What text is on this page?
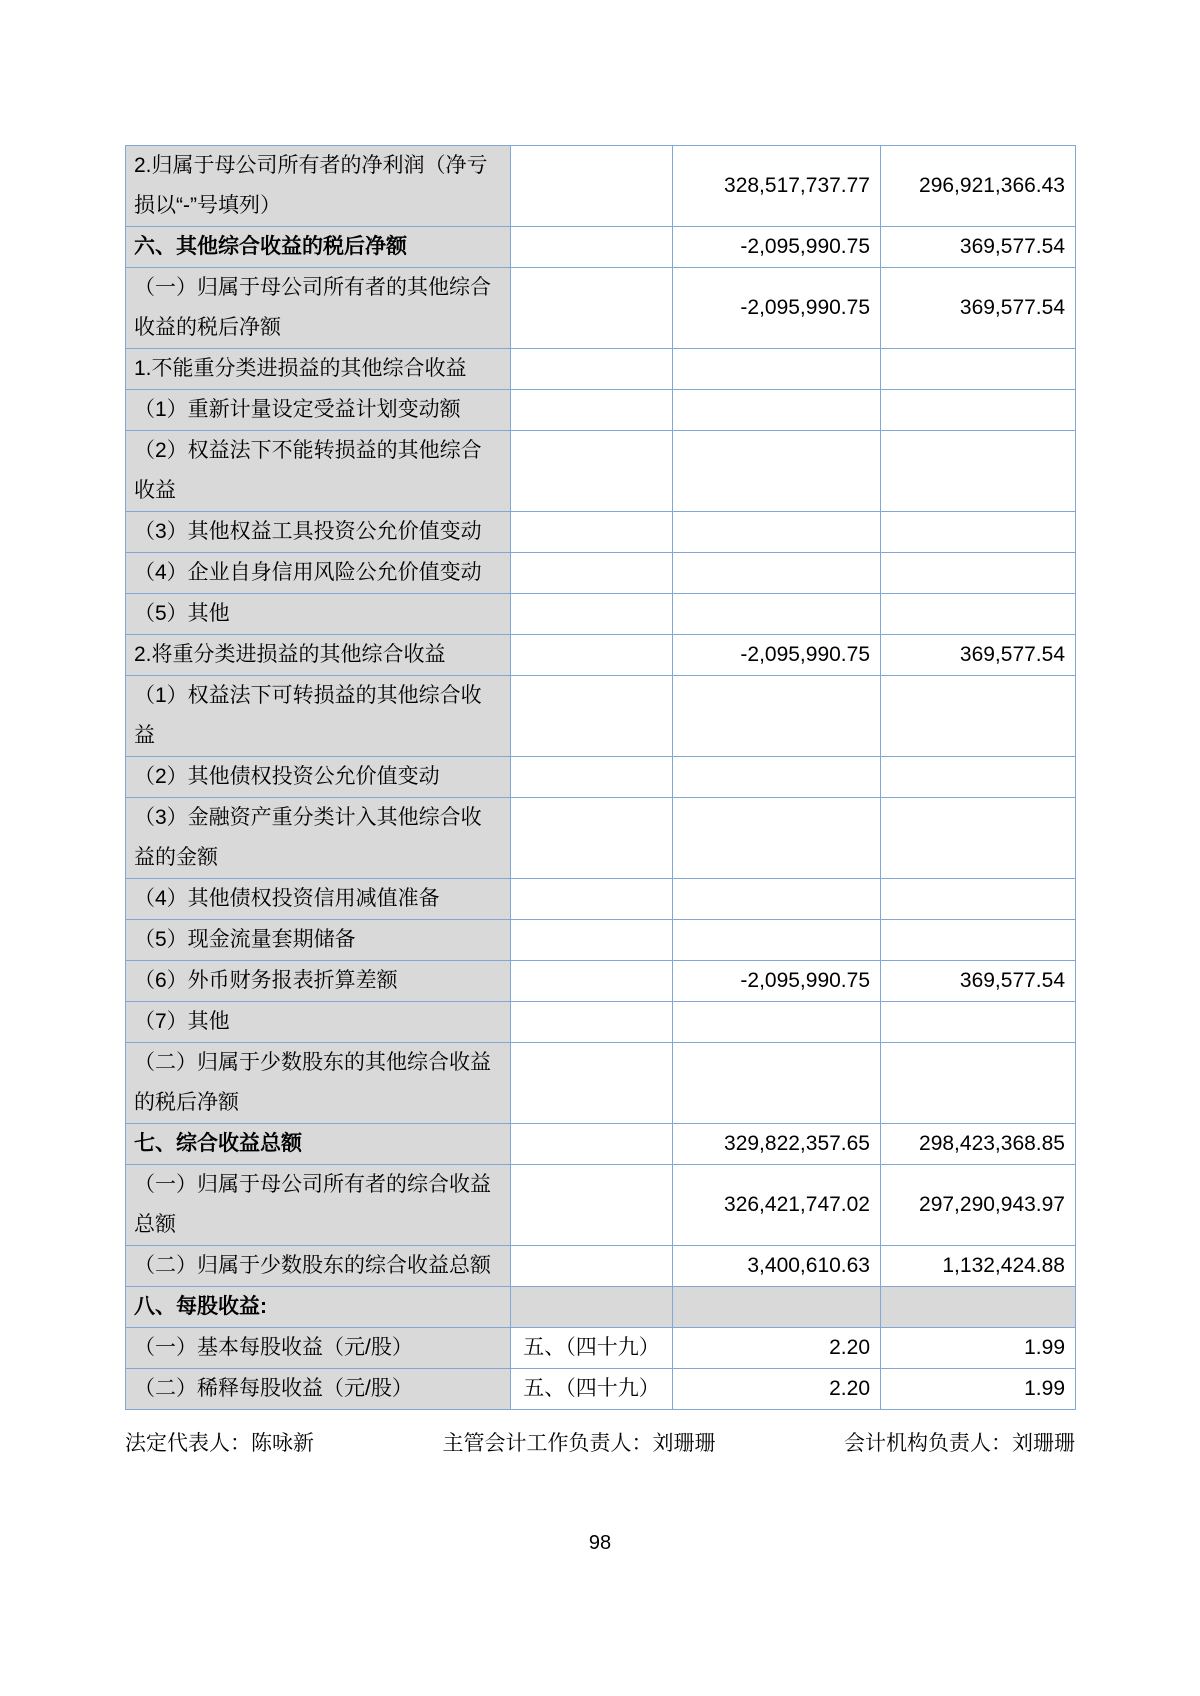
2.归属于母公司所有者的净利润（净亏损以“-”号填列）		328,517,737.77	296,921,366.43
六、其他综合收益的税后净额		-2,095,990.75	369,577.54
（一）归属于母公司所有者的其他综合收益的税后净额		-2,095,990.75	369,577.54
1.不能重分类进损益的其他综合收益			
（1）重新计量设定受益计划变动额			
（2）权益法下不能转损益的其他综合收益			
（3）其他权益工具投资公允价值变动			
（4）企业自身信用风险公允价值变动			
（5）其他			
2.将重分类进损益的其他综合收益		-2,095,990.75	369,577.54
（1）权益法下可转损益的其他综合收益			
（2）其他债权投资公允价值变动			
（3）金融资产重分类计入其他综合收益的金额			
（4）其他债权投资信用减值准备			
（5）现金流量套期储备			
（6）外币财务报表折算差额		-2,095,990.75	369,577.54
（7）其他			
（二）归属于少数股东的其他综合收益的税后净额			
七、综合收益总额		329,822,357.65	298,423,368.85
（一）归属于母公司所有者的综合收益总额		326,421,747.02	297,290,943.97
（二）归属于少数股东的综合收益总额		3,400,610.63	1,132,424.88
八、每股收益:			
（一）基本每股收益（元/股）	五、（四十九）	2.20	1.99
（二）稀释每股收益（元/股）	五、（四十九）	2.20	1.99
法定代表人：陈咏新	主管会计工作负责人：刘珊珊	会计机构负责人：刘珊珊
98
